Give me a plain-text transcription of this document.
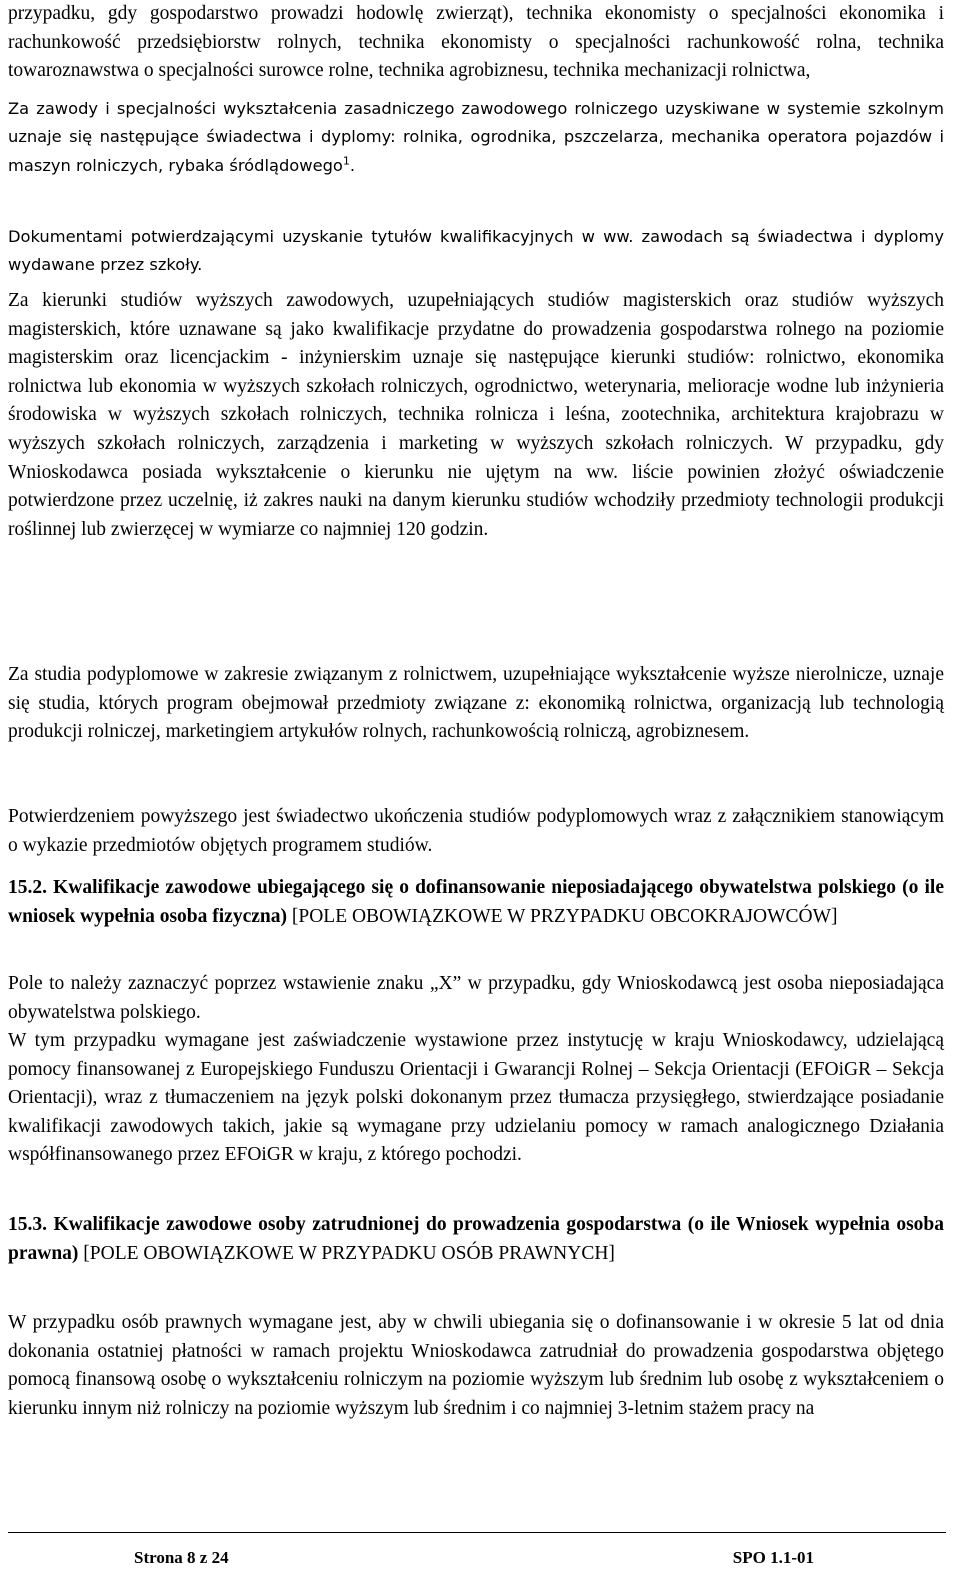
przypadku, gdy gospodarstwo prowadzi hodowlę zwierząt), technika ekonomisty o specjalności ekonomika i rachunkowość przedsiębiorstw rolnych, technika ekonomisty o specjalności rachunkowość rolna, technika towaroznawstwa o specjalności surowce rolne, technika agrobiznesu, technika mechanizacji rolnictwa,

Za zawody i specjalności wykształcenia zasadniczego zawodowego rolniczego uzyskiwane w systemie szkolnym uznaje się następujące świadectwa i dyplomy: rolnika, ogrodnika, pszczelarza, mechanika operatora pojazdów i maszyn rolniczych, rybaka śródlądowego$^1$.

Dokumentami potwierdzającymi uzyskanie tytułów kwalifikacyjnych w ww. zawodach są świadectwa i dyplomy wydawane przez szkoły.

Za kierunki studiów wyższych zawodowych, uzupełniających studiów magisterskich oraz studiów wyższych magisterskich, które uznawane są jako kwalifikacje przydatne do prowadzenia gospodarstwa rolnego na poziomie magisterskim oraz licencjackim - inżynierskim uznaje się następujące kierunki studiów: rolnictwo, ekonomika rolnictwa lub ekonomia w wyższych szkołach rolniczych, ogrodnictwo, weterynaria, melioracje wodne lub inżynieria środowiska w wyższych szkołach rolniczych, technika rolnicza i leśna, zootechnika, architektura krajobrazu w wyższych szkołach rolniczych, zarządzenia i marketing w wyższych szkołach rolniczych. W przypadku, gdy Wnioskodawca posiada wykształcenie o kierunku nie ujętym na ww. liście powinien złożyć oświadczenie potwierdzone przez uczelnię, iż zakres nauki na danym kierunku studiów wchodziły przedmioty technologii produkcji roślinnej lub zwierzęcej w wymiarze co najmniej 120 godzin.

Za studia podyplomowe w zakresie związanym z rolnictwem, uzupełniające wykształcenie wyższe nierolnicze, uznaje się studia, których program obejmował przedmioty związane z: ekonomiką rolnictwa, organizacją lub technologią produkcji rolniczej, marketingiem artykułów rolnych, rachunkowością rolniczą, agrobiznesem.

Potwierdzeniem powyższego jest świadectwo ukończenia studiów podyplomowych wraz z załącznikiem stanowiącym o wykazie przedmiotów objętych programem studiów.

15.2. Kwalifikacje zawodowe ubiegającego się o dofinansowanie nieposiadającego obywatelstwa polskiego (o ile wniosek wypełnia osoba fizyczna) [POLE OBOWIĄZKOWE W PRZYPADKU OBCOKRAJOWCÓW]

Pole to należy zaznaczyć poprzez wstawienie znaku „X” w przypadku, gdy Wnioskodawcą jest osoba nieposiadająca obywatelstwa polskiego.

W tym przypadku wymagane jest zaświadczenie wystawione przez instytucję w kraju Wnioskodawcy, udzielającą pomocy finansowanej z Europejskiego Funduszu Orientacji i Gwarancji Rolnej – Sekcja Orientacji (EFOiGR – Sekcja Orientacji), wraz z tłumaczeniem na język polski dokonanym przez tłumacza przysięgłego, stwierdzające posiadanie kwalifikacji zawodowych takich, jakie są wymagane przy udzielaniu pomocy w ramach analogicznego Działania współfinansowanego przez EFOiGR w kraju, z którego pochodzi.

15.3. Kwalifikacje zawodowe osoby zatrudnionej do prowadzenia gospodarstwa (o ile Wniosek wypełnia osoba prawna) [POLE OBOWIĄZKOWE W PRZYPADKU OSÓB PRAWNYCH]

W przypadku osób prawnych wymagane jest, aby w chwili ubiegania się o dofinansowanie i w okresie 5 lat od dnia dokonania ostatniej płatności w ramach projektu Wnioskodawca zatrudniał do prowadzenia gospodarstwa objętego pomocą finansową osobę o wykształceniu rolniczym na poziomie wyższym lub średnim lub osobę z wykształceniem o kierunku innym niż rolniczy na poziomie wyższym lub średnim i co najmniej 3-letnim stażem pracy na

Strona 8 z 24	SPO 1.1-01
